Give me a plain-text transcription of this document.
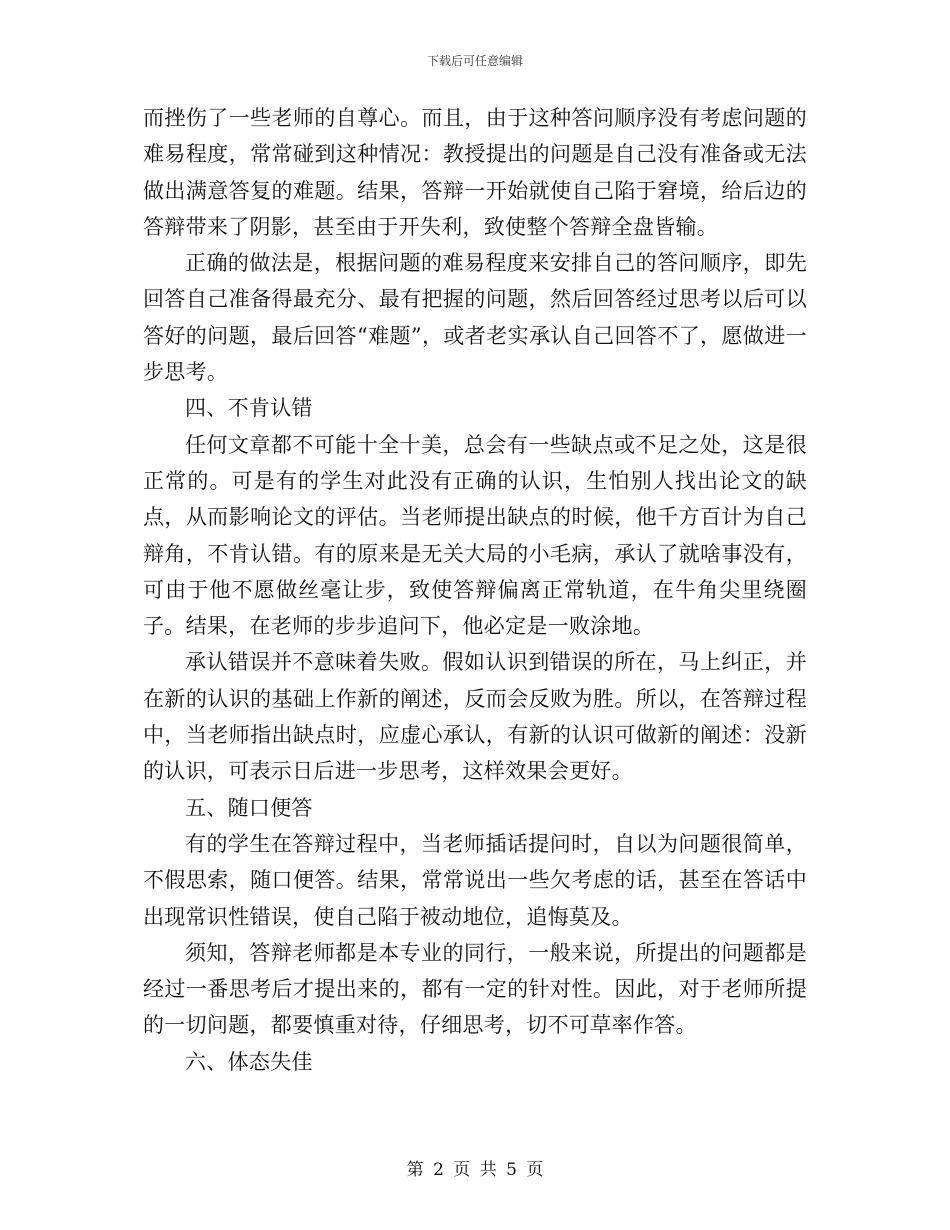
下载后可任意编辑

而挫伤了一些老师的自尊心。而且，由于这种答问顺序没有考虑问题的难易程度，常常碰到这种情况：教授提出的问题是自己没有准备或无法做出满意答复的难题。结果，答辩一开始就使自己陷于窘境，给后边的答辩带来了阴影，甚至由于开失利，致使整个答辩全盘皆输。

正确的做法是，根据问题的难易程度来安排自己的答问顺序，即先回答自己准备得最充分、最有把握的问题，然后回答经过思考以后可以答好的问题，最后回答“难题”，或者老实承认自己回答不了，愿做进一步思考。

四、不肯认错

任何文章都不可能十全十美，总会有一些缺点或不足之处，这是很正常的。可是有的学生对此没有正确的认识，生怕别人找出论文的缺点，从而影响论文的评估。当老师提出缺点的时候，他千方百计为自己辩角，不肯认错。有的原来是无关大局的小毛病，承认了就啥事没有，可由于他不愿做丝毫让步，致使答辩偏离正常轨道，在牛角尖里绕圈子。结果，在老师的步步追问下，他必定是一败涂地。

承认错误并不意味着失败。假如认识到错误的所在，马上纠正，并在新的认识的基础上作新的阐述，反而会反败为胜。所以，在答辩过程中，当老师指出缺点时，应虚心承认，有新的认识可做新的阐述：没新的认识，可表示日后进一步思考，这样效果会更好。

五、随口便答

有的学生在答辩过程中，当老师插话提问时，自以为问题很简单，不假思索，随口便答。结果，常常说出一些欠考虑的话，甚至在答话中出现常识性错误，使自己陷于被动地位，追悔莫及。

须知，答辩老师都是本专业的同行，一般来说，所提出的问题都是经过一番思考后才提出来的，都有一定的针对性。因此，对于老师所提的一切问题，都要慎重对待，仔细思考，切不可草率作答。

六、体态失佳

第 2 页 共 5 页
